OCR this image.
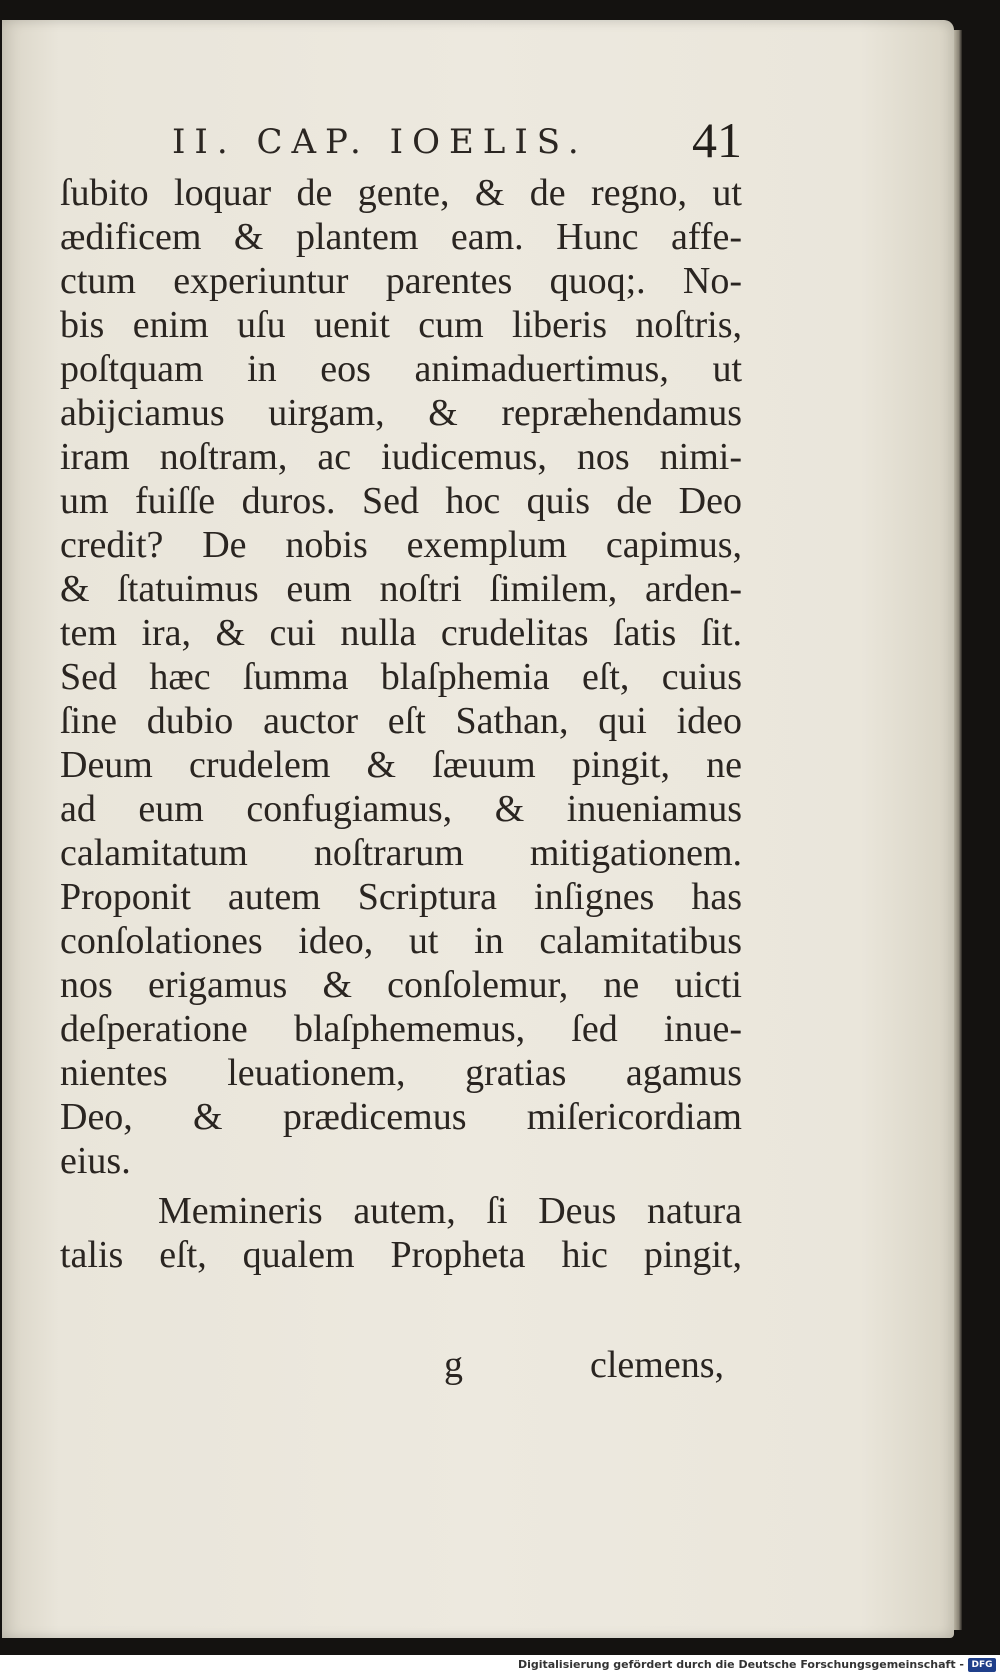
II. CAP. IOELIS. 41
ſubito loquar de gente, & de regno, ut
ædificem & plantem eam. Hunc affe-
ctum experiuntur parentes quoq;. No-
bis enim uſu uenit cum liberis noſtris,
poſtquam in eos animaduertimus, ut
abijciamus uirgam, & repræhendamus
iram noſtram, ac iudicemus, nos nimi-
um fuiſſe duros. Sed hoc quis de Deo
credit? De nobis exemplum capimus,
& ſtatuimus eum noſtri ſimilem, arden-
tem ira, & cui nulla crudelitas ſatis ſit.
Sed hæc ſumma blaſphemia eſt, cuius
ſine dubio auctor eſt Sathan, qui ideo
Deum crudelem & ſæuum pingit, ne
ad eum confugiamus, & inueniamus
calamitatum noſtrarum mitigationem.
Proponit autem Scriptura inſignes has
conſolationes ideo, ut in calamitatibus
nos erigamus & conſolemur, ne uicti
deſperatione blaſphememus, ſed inue-
nientes leuationem, gratias agamus
Deo, & prædicemus miſericordiam
eius.
Memineris autem, ſi Deus natura
talis eſt, qualem Propheta hic pingit,
g	clemens,
Digitalisierung gefördert durch die Deutsche Forschungsgemeinschaft - DFG
